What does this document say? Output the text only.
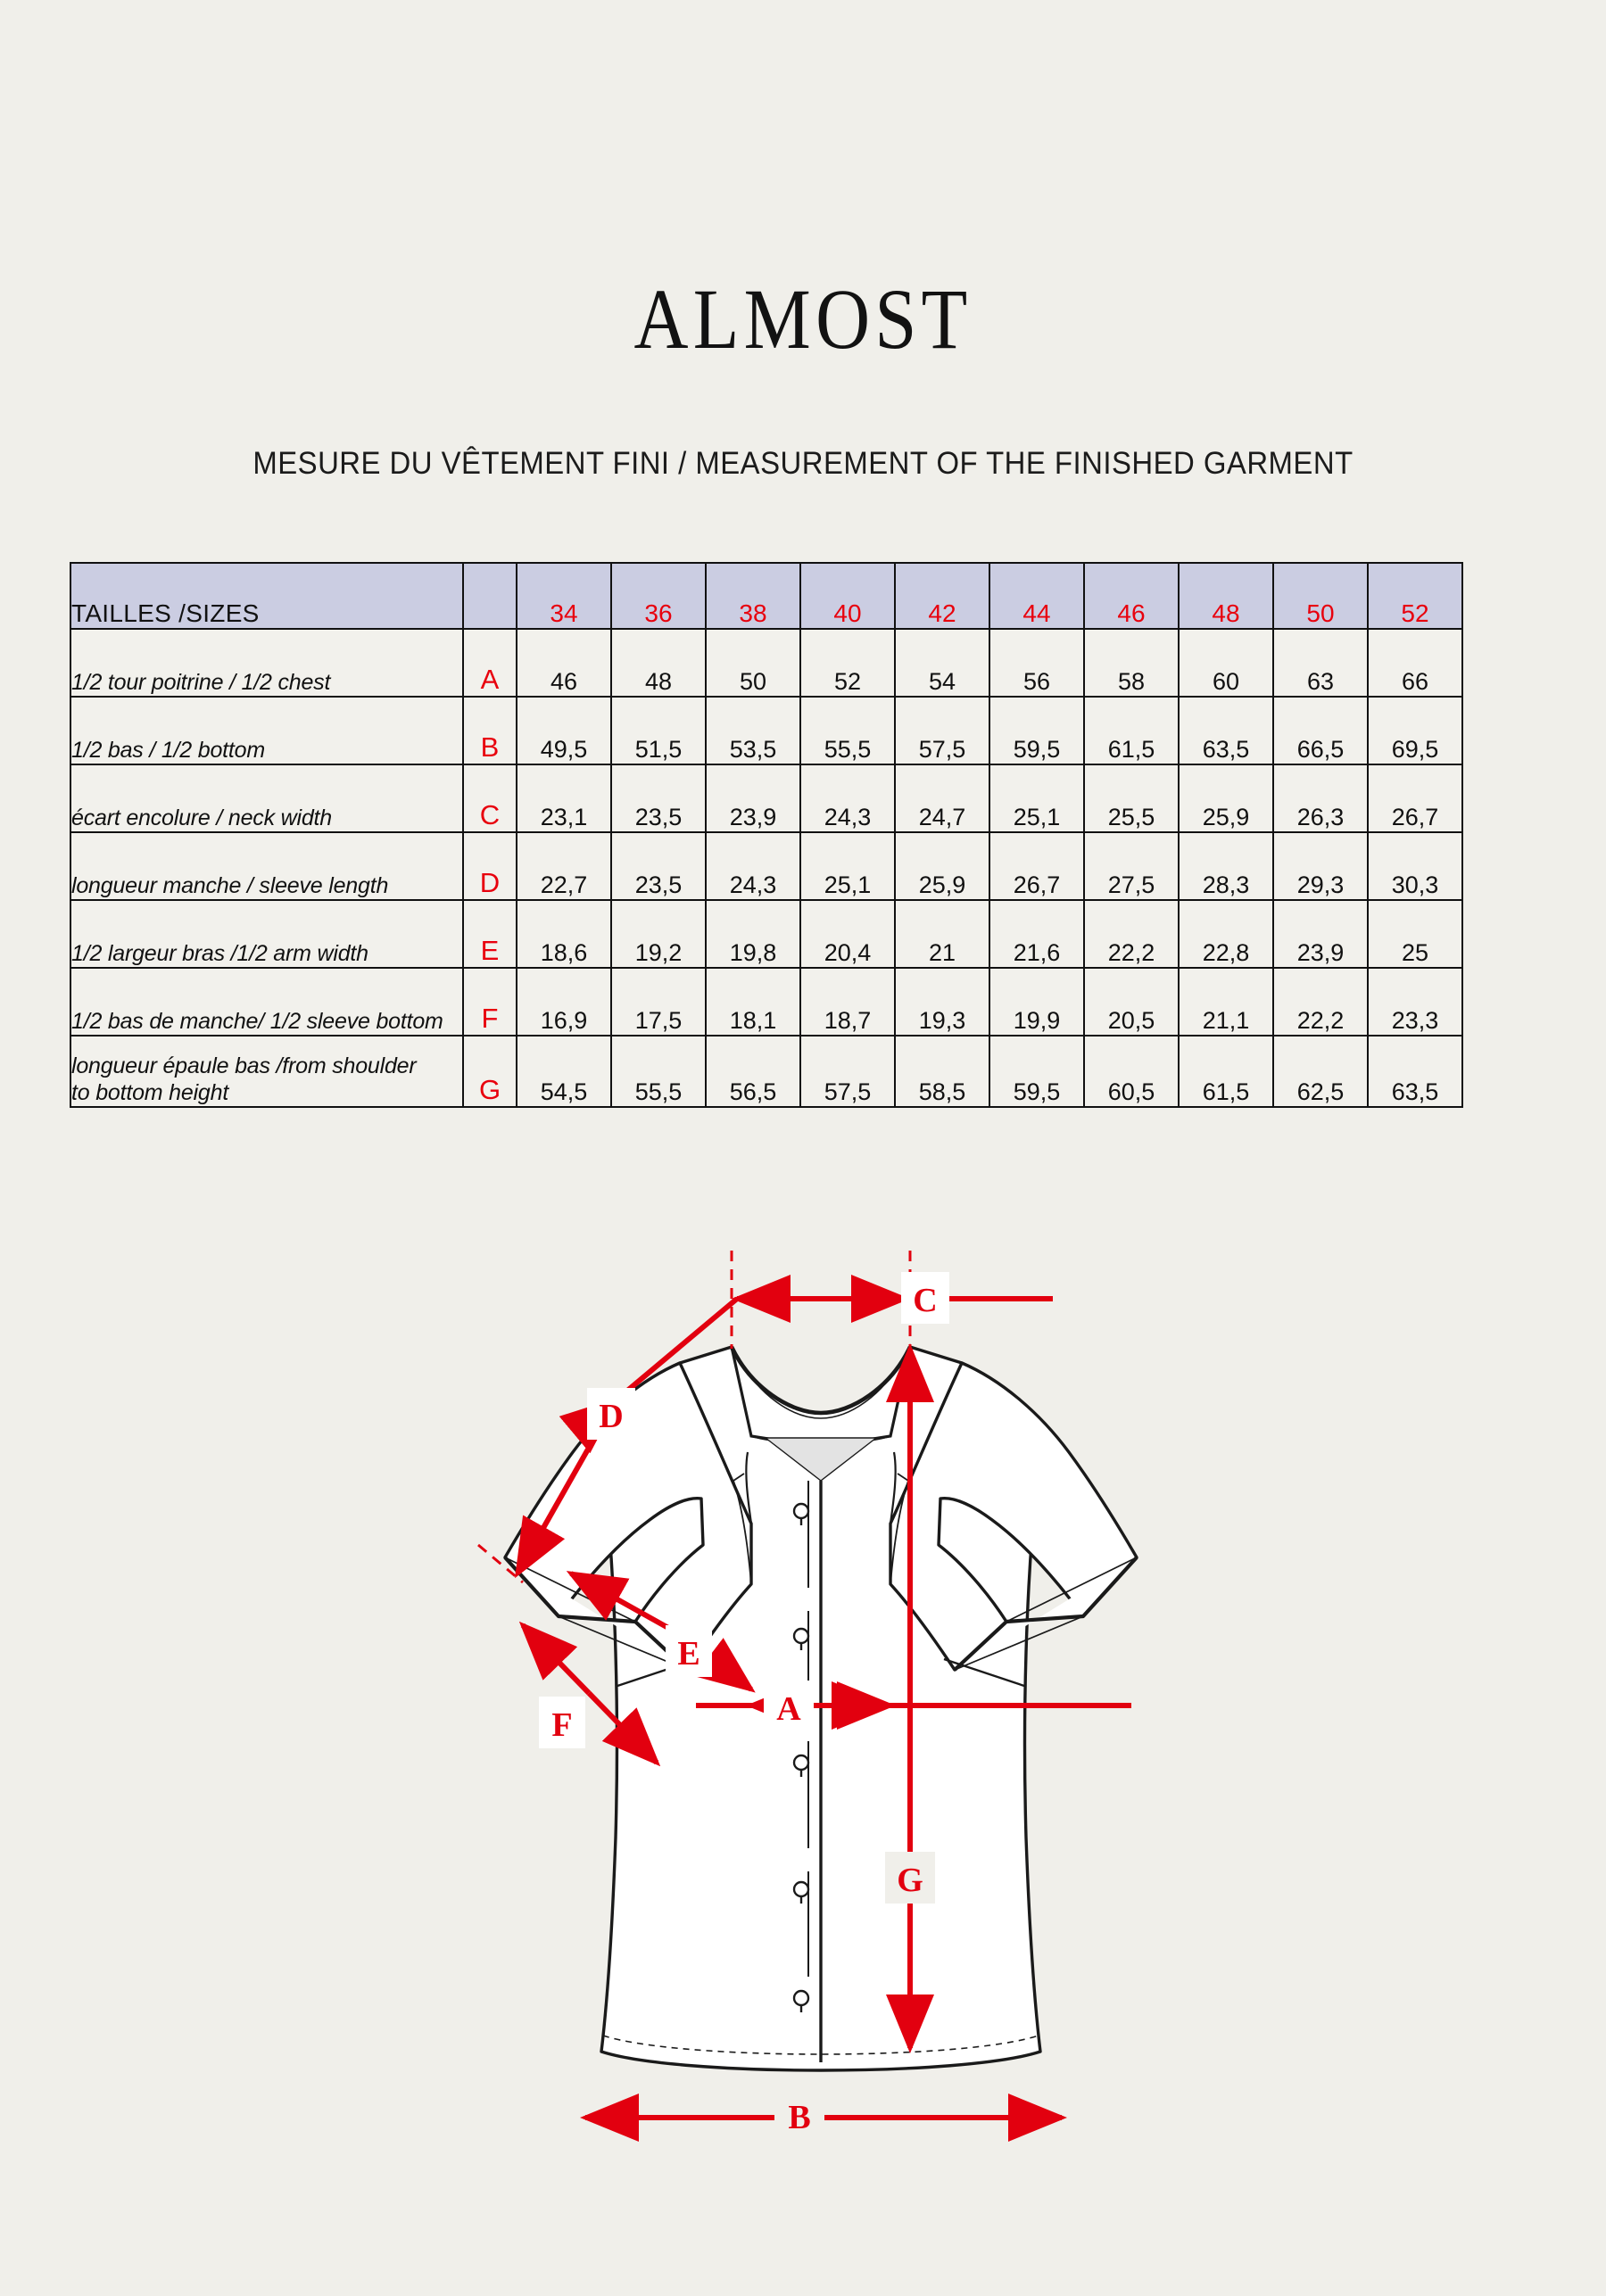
ALMOST
MESURE DU VÊTEMENT FINI / MEASUREMENT OF THE FINISHED GARMENT
TAILLES /SIZES		34	36	38	40	42	44	46	48	50	52
1/2 tour poitrine / 1/2 chest	A	46	48	50	52	54	56	58	60	63	66
1/2 bas / 1/2 bottom	B	49,5	51,5	53,5	55,5	57,5	59,5	61,5	63,5	66,5	69,5
écart encolure / neck width	C	23,1	23,5	23,9	24,3	24,7	25,1	25,5	25,9	26,3	26,7
longueur manche / sleeve length	D	22,7	23,5	24,3	25,1	25,9	26,7	27,5	28,3	29,3	30,3
1/2 largeur bras /1/2 arm width	E	18,6	19,2	19,8	20,4	21	21,6	22,2	22,8	23,9	25
1/2 bas de manche/ 1/2 sleeve bottom	F	16,9	17,5	18,1	18,7	19,3	19,9	20,5	21,1	22,2	23,3
longueur épaule bas /from shoulder
to bottom height	G	54,5	55,5	56,5	57,5	58,5	59,5	60,5	61,5	62,5	63,5
C
D
E
F	A
G
B
